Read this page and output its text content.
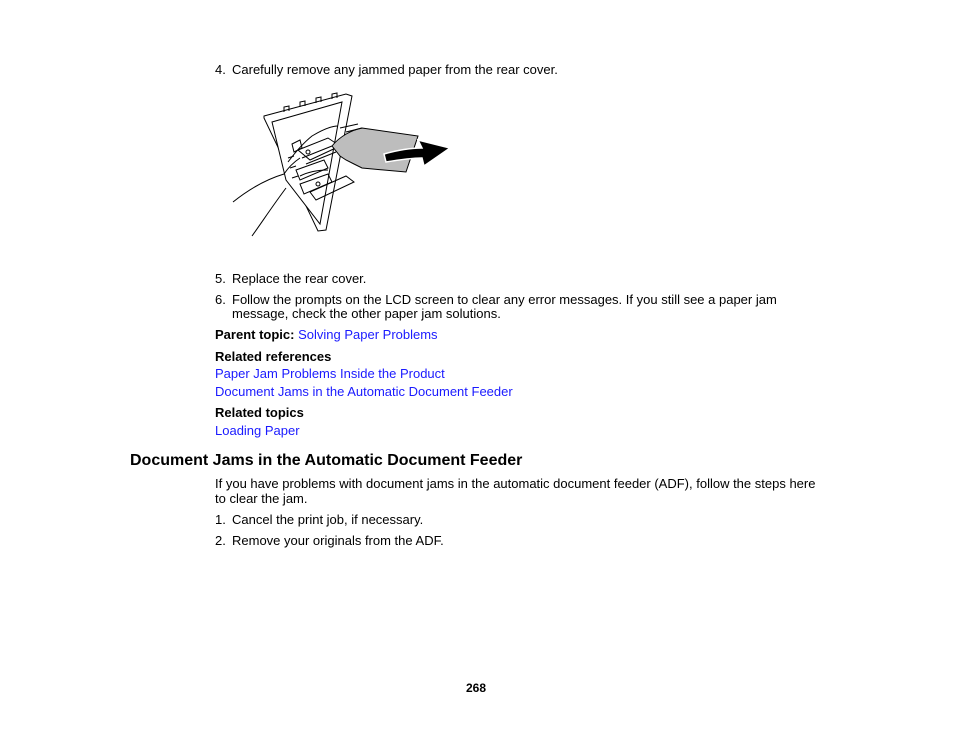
4. Carefully remove any jammed paper from the rear cover.
5. Replace the rear cover.
6. Follow the prompts on the LCD screen to clear any error messages. If you still see a paper jam
message, check the other paper jam solutions.
Parent topic: Solving Paper Problems
Related references
Paper Jam Problems Inside the Product
Document Jams in the Automatic Document Feeder
Related topics
Loading Paper
Document Jams in the Automatic Document Feeder
If you have problems with document jams in the automatic document feeder (ADF), follow the steps here
to clear the jam.
1. Cancel the print job, if necessary.
2. Remove your originals from the ADF.
268
